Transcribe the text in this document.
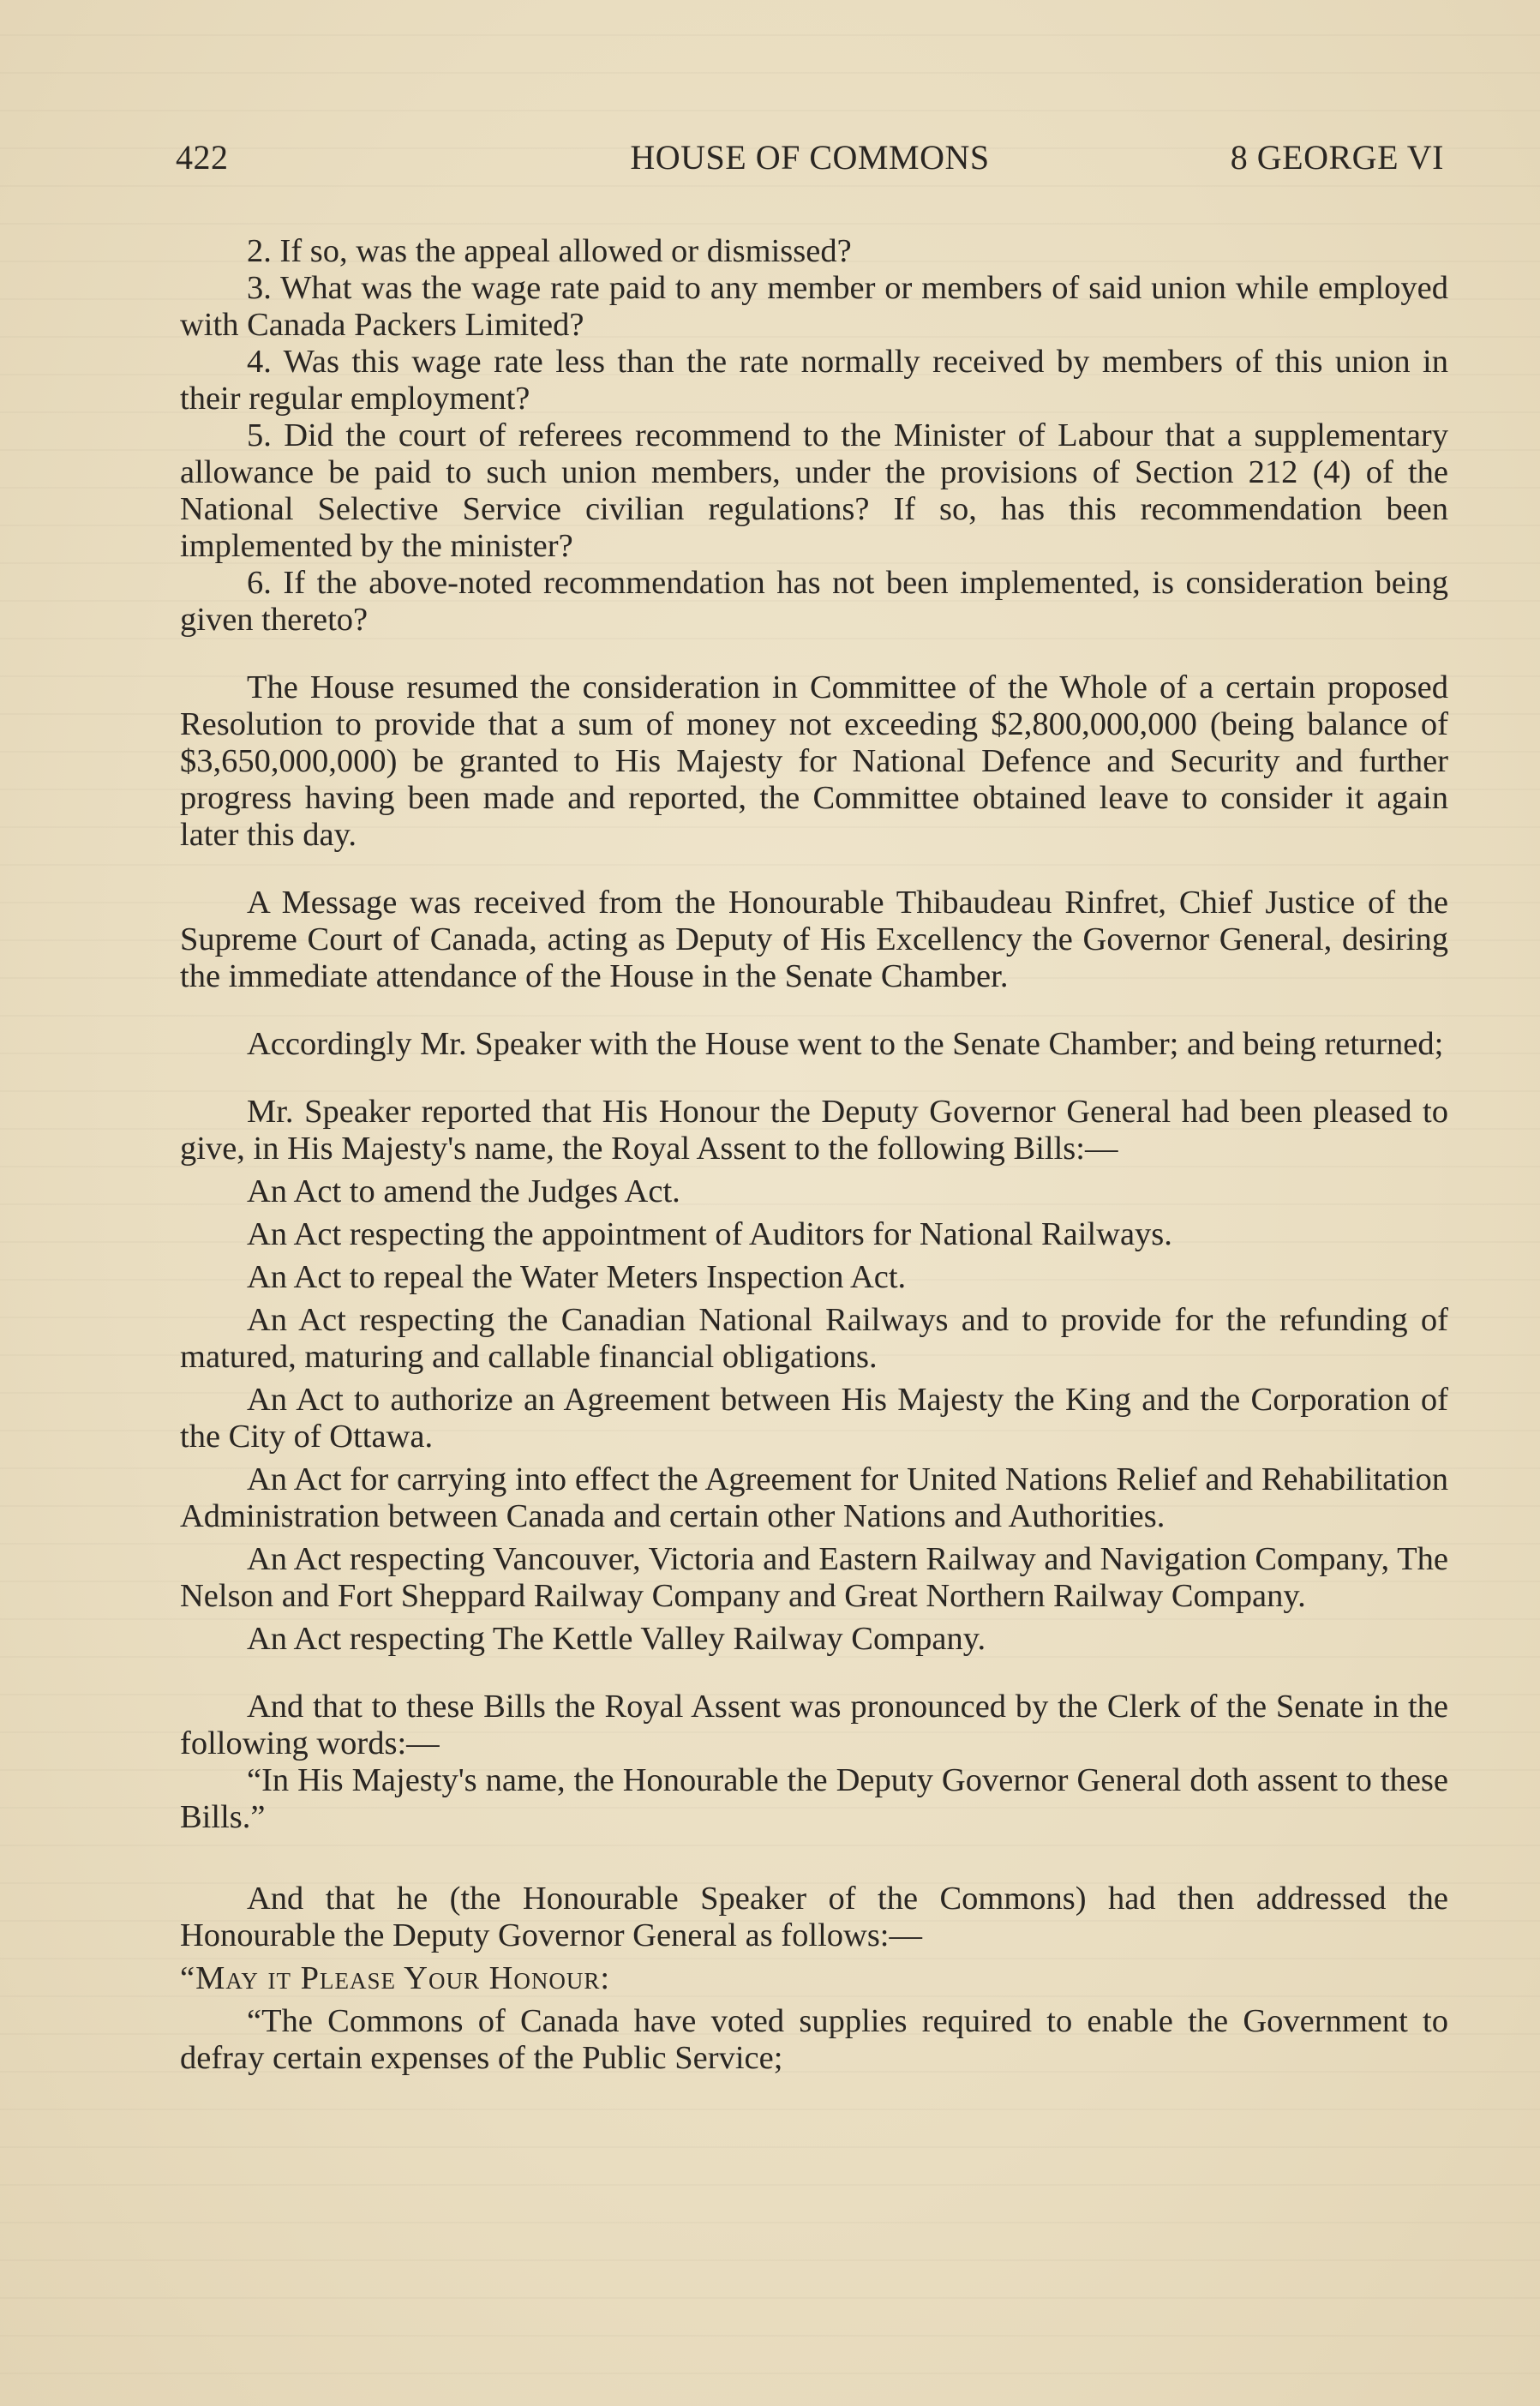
422	HOUSE OF COMMONS	8 GEORGE VI

2. If so, was the appeal allowed or dismissed?

3. What was the wage rate paid to any member or members of said union while employed with Canada Packers Limited?

4. Was this wage rate less than the rate normally received by members of this union in their regular employment?

5. Did the court of referees recommend to the Minister of Labour that a supplementary allowance be paid to such union members, under the provisions of Section 212 (4) of the National Selective Service civilian regulations? If so, has this recommendation been implemented by the minister?

6. If the above-noted recommendation has not been implemented, is consideration being given thereto?

The House resumed the consideration in Committee of the Whole of a certain proposed Resolution to provide that a sum of money not exceeding $2,800,000,000 (being balance of $3,650,000,000) be granted to His Majesty for National Defence and Security and further progress having been made and reported, the Committee obtained leave to consider it again later this day.

A Message was received from the Honourable Thibaudeau Rinfret, Chief Justice of the Supreme Court of Canada, acting as Deputy of His Excellency the Governor General, desiring the immediate attendance of the House in the Senate Chamber.

Accordingly Mr. Speaker with the House went to the Senate Chamber; and being returned;

Mr. Speaker reported that His Honour the Deputy Governor General had been pleased to give, in His Majesty's name, the Royal Assent to the following Bills:—

An Act to amend the Judges Act.

An Act respecting the appointment of Auditors for National Railways.

An Act to repeal the Water Meters Inspection Act.

An Act respecting the Canadian National Railways and to provide for the refunding of matured, maturing and callable financial obligations.

An Act to authorize an Agreement between His Majesty the King and the Corporation of the City of Ottawa.

An Act for carrying into effect the Agreement for United Nations Relief and Rehabilitation Administration between Canada and certain other Nations and Authorities.

An Act respecting Vancouver, Victoria and Eastern Railway and Navigation Company, The Nelson and Fort Sheppard Railway Company and Great Northern Railway Company.

An Act respecting The Kettle Valley Railway Company.

And that to these Bills the Royal Assent was pronounced by the Clerk of the Senate in the following words:—

“In His Majesty's name, the Honourable the Deputy Governor General doth assent to these Bills.”

And that he (the Honourable Speaker of the Commons) had then addressed the Honourable the Deputy Governor General as follows:—

“May it Please Your Honour:

“The Commons of Canada have voted supplies required to enable the Government to defray certain expenses of the Public Service;
